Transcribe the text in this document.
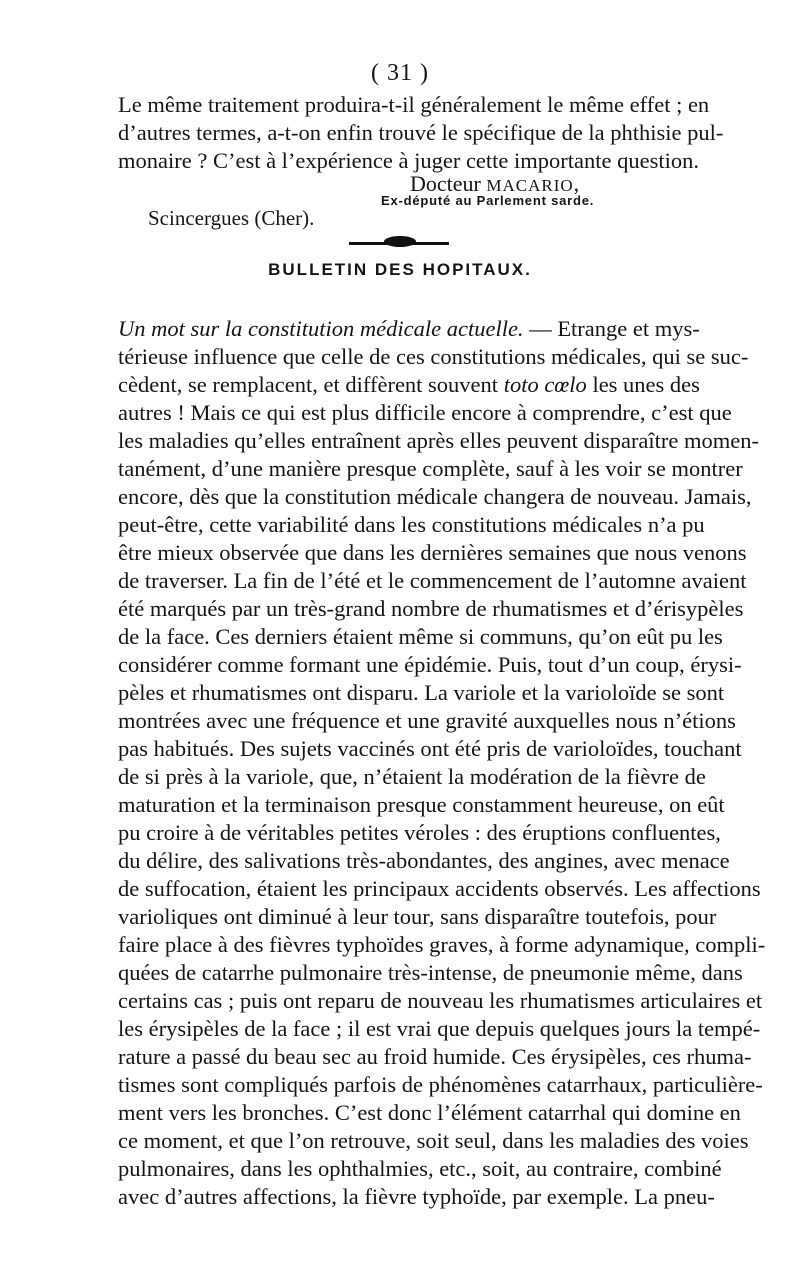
( 31 )
Le même traitement produira-t-il généralement le même effet ; en
d’autres termes, a-t-on enfin trouvé le spécifique de la phthisie pul-
monaire ? C’est à l’expérience à juger cette importante question.
Docteur MACARIO,
Ex-député au Parlement sarde.
Scincergues (Cher).
BULLETIN DES HOPITAUX.
Un mot sur la constitution médicale actuelle. — Etrange et mys-
térieuse influence que celle de ces constitutions médicales, qui se suc-
cèdent, se remplacent, et diffèrent souvent toto cœlo les unes des
autres ! Mais ce qui est plus difficile encore à comprendre, c’est que
les maladies qu’elles entraînent après elles peuvent disparaître momen-
tanément, d’une manière presque complète, sauf à les voir se montrer
encore, dès que la constitution médicale changera de nouveau. Jamais,
peut-être, cette variabilité dans les constitutions médicales n’a pu
être mieux observée que dans les dernières semaines que nous venons
de traverser. La fin de l’été et le commencement de l’automne avaient
été marqués par un très-grand nombre de rhumatismes et d’érisypèles
de la face. Ces derniers étaient même si communs, qu’on eût pu les
considérer comme formant une épidémie. Puis, tout d’un coup, érysi-
pèles et rhumatismes ont disparu. La variole et la varioloïde se sont
montrées avec une fréquence et une gravité auxquelles nous n’étions
pas habitués. Des sujets vaccinés ont été pris de varioloïdes, touchant
de si près à la variole, que, n’étaient la modération de la fièvre de
maturation et la terminaison presque constamment heureuse, on eût
pu croire à de véritables petites véroles : des éruptions confluentes,
du délire, des salivations très-abondantes, des angines, avec menace
de suffocation, étaient les principaux accidents observés. Les affections
varioliques ont diminué à leur tour, sans disparaître toutefois, pour
faire place à des fièvres typhoïdes graves, à forme adynamique, compli-
quées de catarrhe pulmonaire très-intense, de pneumonie même, dans
certains cas ; puis ont reparu de nouveau les rhumatismes articulaires et
les érysipèles de la face ; il est vrai que depuis quelques jours la tempé-
rature a passé du beau sec au froid humide. Ces érysipèles, ces rhuma-
tismes sont compliqués parfois de phénomènes catarrhaux, particulière-
ment vers les bronches. C’est donc l’élément catarrhal qui domine en
ce moment, et que l’on retrouve, soit seul, dans les maladies des voies
pulmonaires, dans les ophthalmies, etc., soit, au contraire, combiné
avec d’autres affections, la fièvre typhoïde, par exemple. La pneu-
